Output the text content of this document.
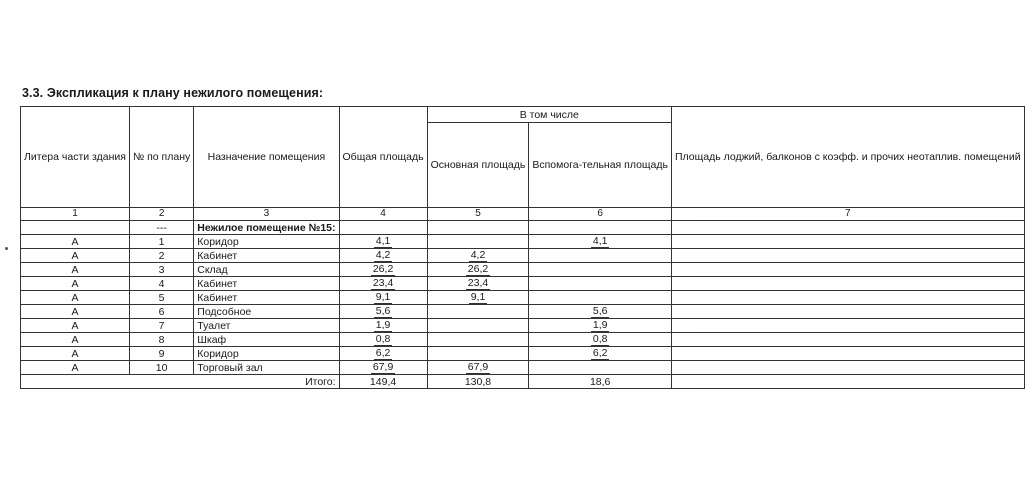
3.3. Экспликация к плану нежилого помещения:
Литера части здания	№ по плану	Назначение помещения	Общая площадь	В том числе		Площадь лоджий, балконов с коэфф. и прочих неотаплив. помещений
				Основная площадь	Вспомога-тельная площадь	
1	2	3	4	5	6	7
	---	Нежилое помещение №15:				
А	1	Коридор	4,1		4,1	
А	2	Кабинет	4,2	4,2		
А	3	Склад	26,2	26,2		
А	4	Кабинет	23,4	23,4		
А	5	Кабинет	9,1	9,1		
А	6	Подсобное	5,6		5,6	
А	7	Туалет	1,9		1,9	
А	8	Шкаф	0,8		0,8	
А	9	Коридор	6,2		6,2	
А	10	Торговый зал	67,9	67,9		
Итого:			149,4	130,8	18,6	
